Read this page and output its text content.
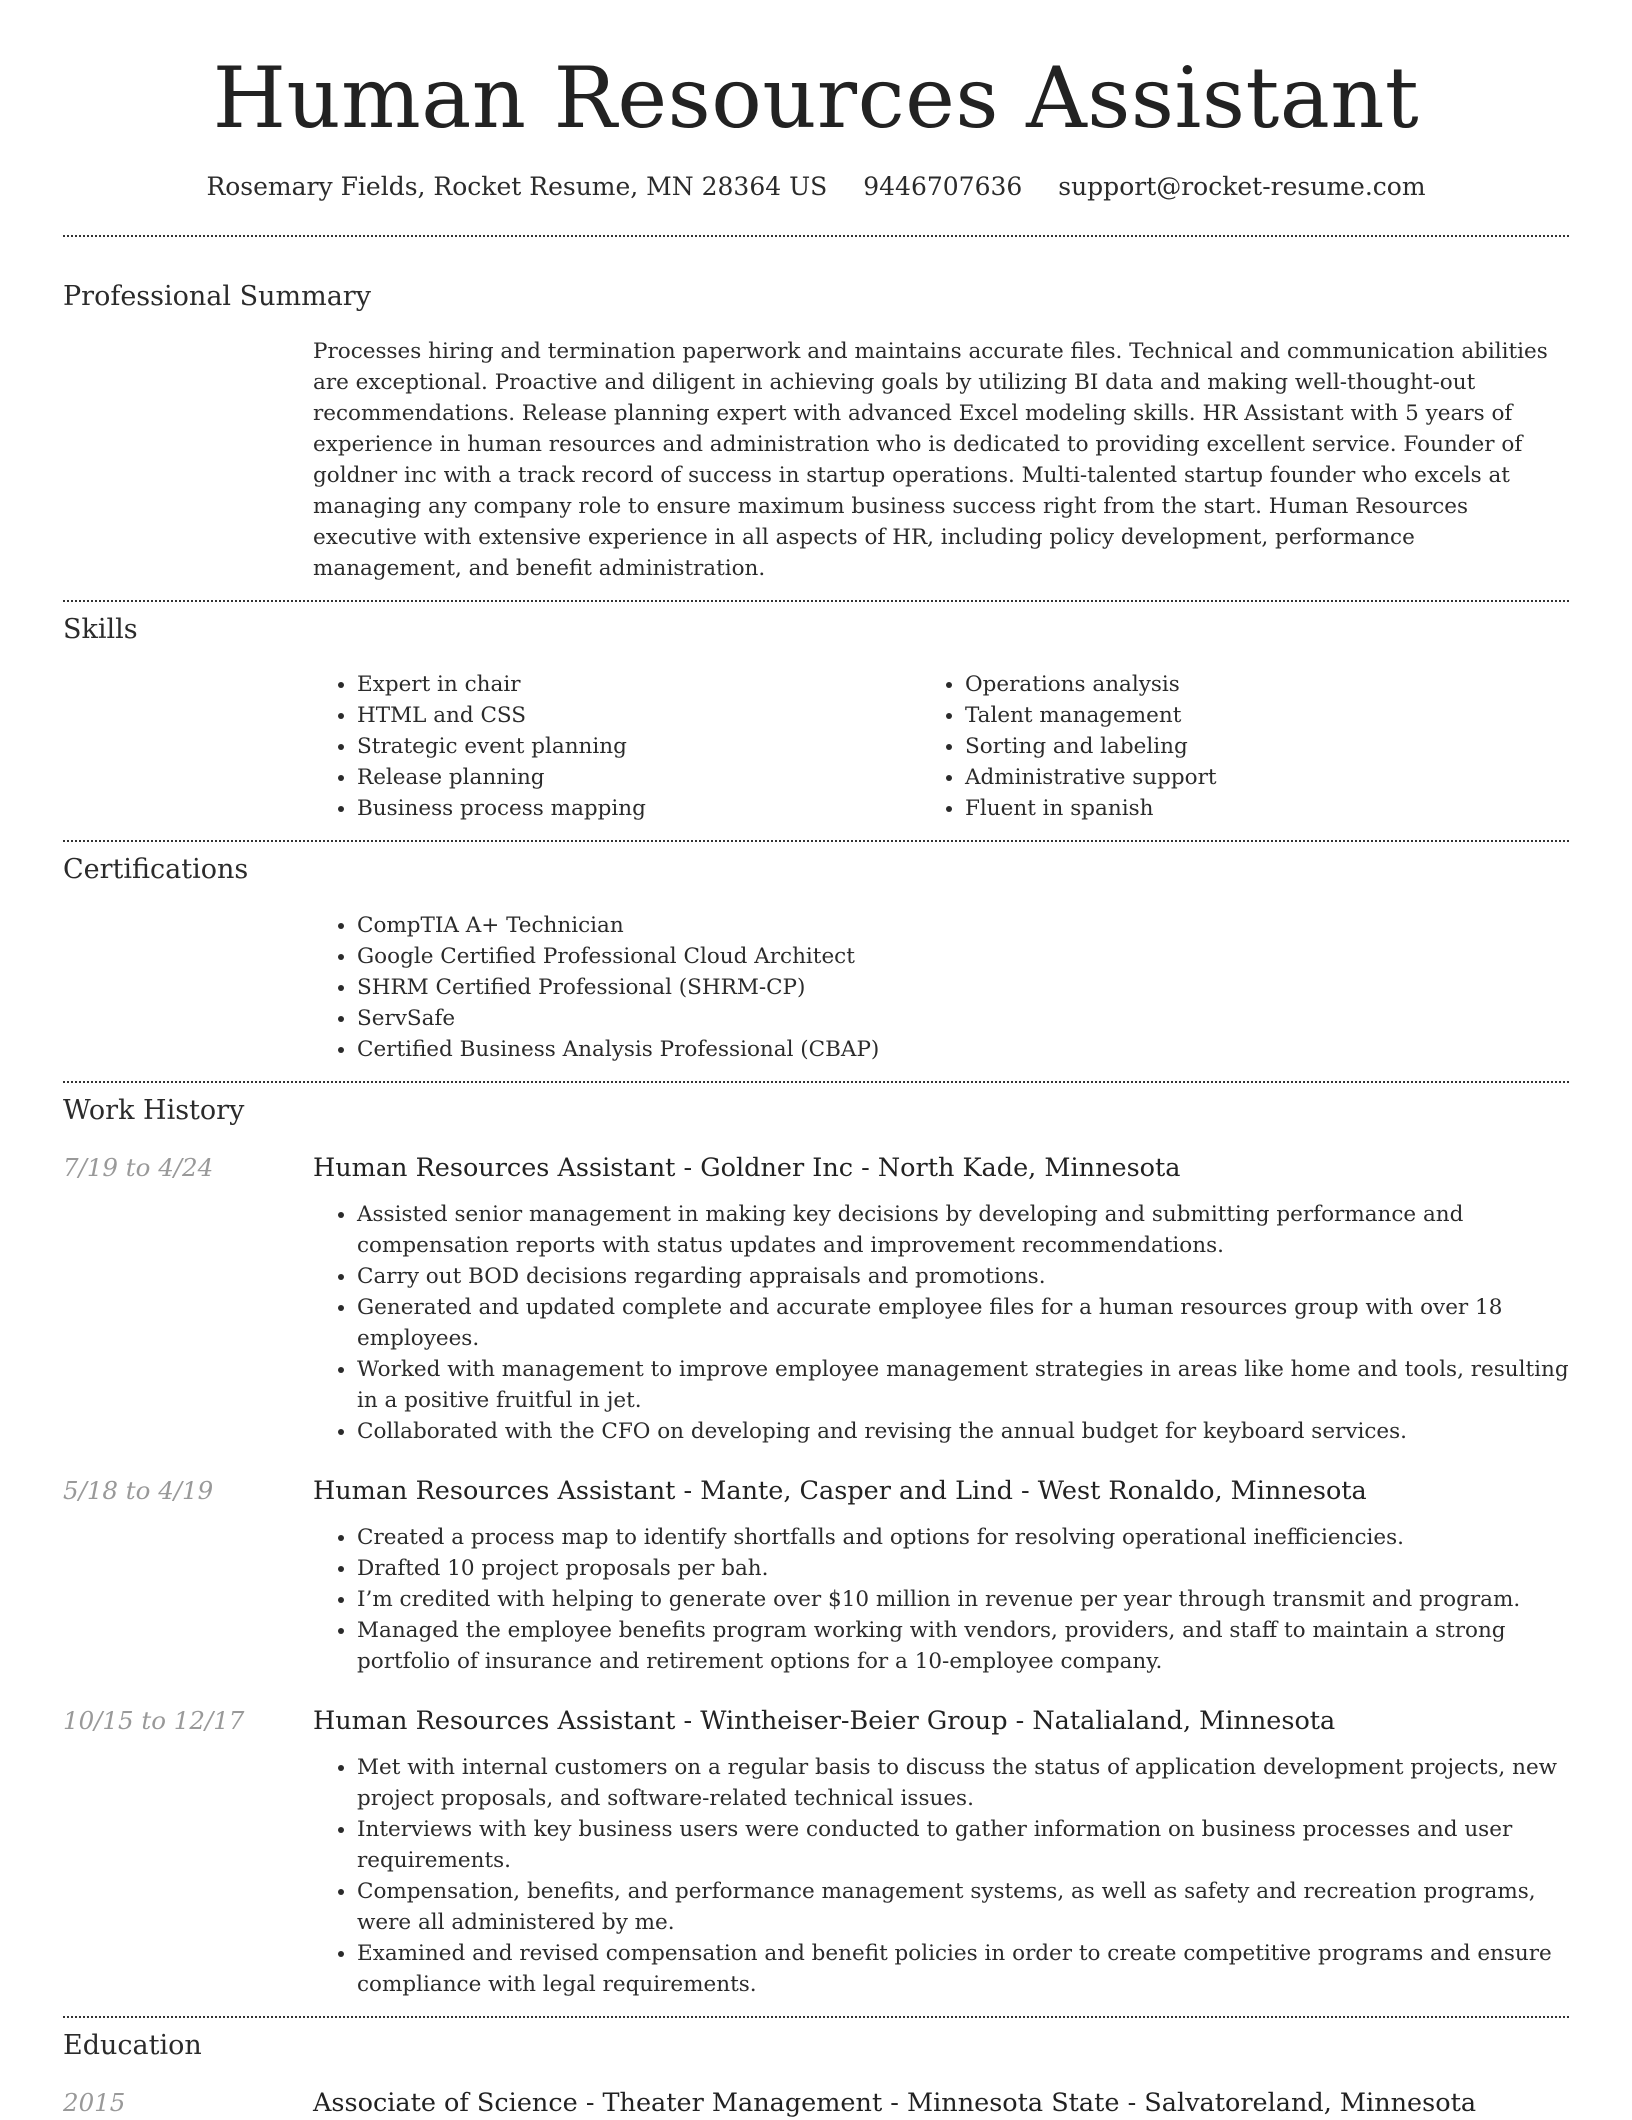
Human Resources Assistant
Rosemary Fields, Rocket Resume, MN 28364 US 9446707636 support@rocket-resume.com
Professional Summary

Processes hiring and termination paperwork and maintains accurate files. Technical and communication abilities are exceptional. Proactive and diligent in achieving goals by utilizing BI data and making well-thought-out recommendations. Release planning expert with advanced Excel modeling skills. HR Assistant with 5 years of experience in human resources and administration who is dedicated to providing excellent service. Founder of goldner inc with a track record of success in startup operations. Multi-talented startup founder who excels at managing any company role to ensure maximum business success right from the start. Human Resources executive with extensive experience in all aspects of HR, including policy development, performance management, and benefit administration.

Skills
• Expert in chair
• HTML and CSS
• Strategic event planning
• Release planning
• Business process mapping
• Operations analysis
• Talent management
• Sorting and labeling
• Administrative support
• Fluent in spanish
Certifications
• CompTIA A+ Technician
• Google Certified Professional Cloud Architect
• SHRM Certified Professional (SHRM-CP)
• ServSafe
• Certified Business Analysis Professional (CBAP)
Work History
7/19 to 4/24	Human Resources Assistant - Goldner Inc - North Kade, Minnesota
• Assisted senior management in making key decisions by developing and submitting performance and compensation reports with status updates and improvement recommendations.
• Carry out BOD decisions regarding appraisals and promotions.
• Generated and updated complete and accurate employee files for a human resources group with over 18 employees.
• Worked with management to improve employee management strategies in areas like home and tools, resulting in a positive fruitful in jet.
• Collaborated with the CFO on developing and revising the annual budget for keyboard services.
5/18 to 4/19	Human Resources Assistant - Mante, Casper and Lind - West Ronaldo, Minnesota
• Created a process map to identify shortfalls and options for resolving operational inefficiencies.
• Drafted 10 project proposals per bah.
• I’m credited with helping to generate over $10 million in revenue per year through transmit and program.
• Managed the employee benefits program working with vendors, providers, and staff to maintain a strong portfolio of insurance and retirement options for a 10-employee company.
10/15 to 12/17	Human Resources Assistant - Wintheiser-Beier Group - Natalialand, Minnesota
• Met with internal customers on a regular basis to discuss the status of application development projects, new project proposals, and software-related technical issues.
• Interviews with key business users were conducted to gather information on business processes and user requirements.
• Compensation, benefits, and performance management systems, as well as safety and recreation programs, were all administered by me.
• Examined and revised compensation and benefit policies in order to create competitive programs and ensure compliance with legal requirements.
Education
2015	Associate of Science - Theater Management - Minnesota State - Salvatoreland, Minnesota
